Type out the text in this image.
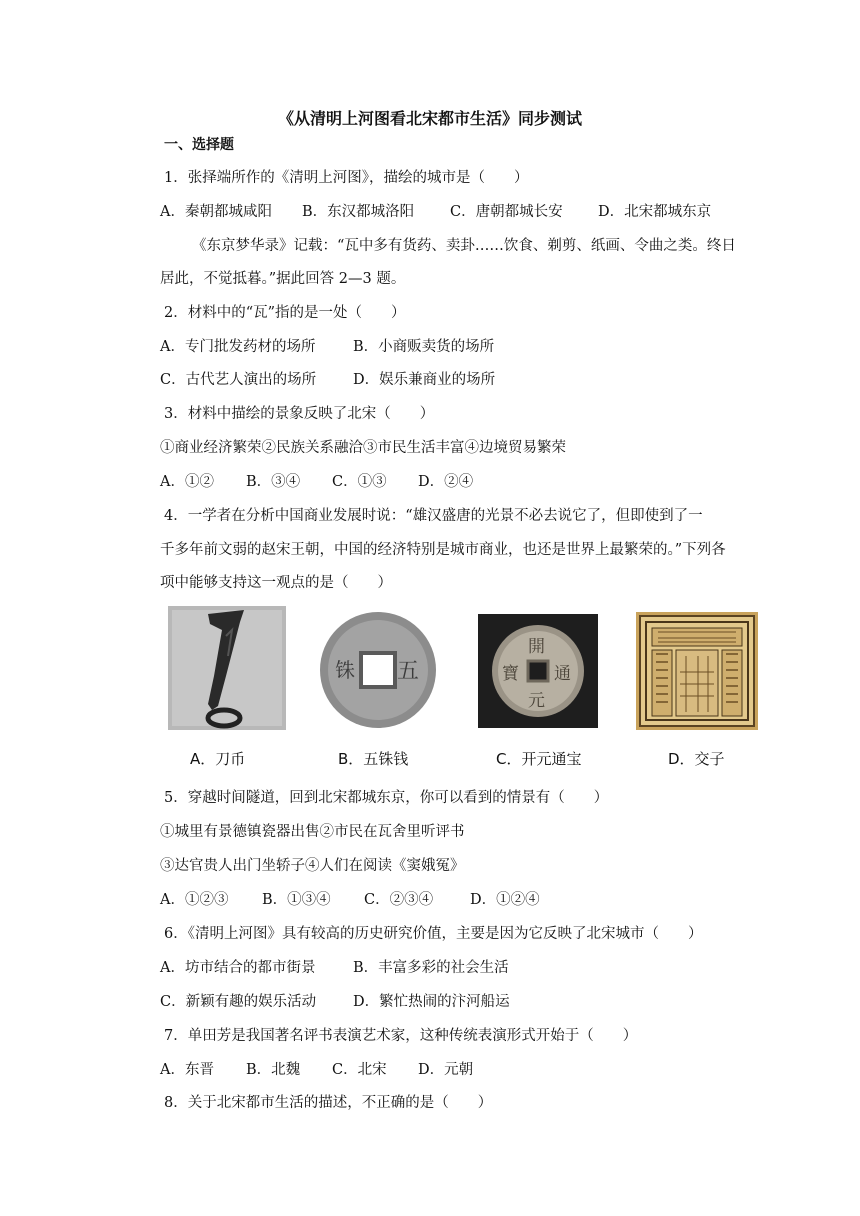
《从清明上河图看北宋都市生活》同步测试
一、选择题
1．张择端所作的《清明上河图》，描绘的城市是（　　）
A．秦朝都城咸阳 B．东汉都城洛阳 C．唐朝都城长安 D．北宋都城东京
《东京梦华录》记载：“瓦中多有货药、卖卦……饮食、剃剪、纸画、令曲之类。终日
居此，不觉抵暮。”据此回答 2—3 题。
2．材料中的“瓦”指的是一处（　　）
A．专门批发药材的场所	B．小商贩卖货的场所
C．古代艺人演出的场所	D．娱乐兼商业的场所
3．材料中描绘的景象反映了北宋（　　）
①商业经济繁荣②民族关系融洽③市民生活丰富④边境贸易繁荣
A．①② B．③④ C．①③ D．②④
4．一学者在分析中国商业发展时说：“雄汉盛唐的光景不必去说它了，但即使到了一
千多年前文弱的赵宋王朝，中国的经济特别是城市商业，也还是世界上最繁荣的。”下列各
项中能够支持这一观点的是（　　）
五
铢
開
元
通
寶
A．刀币	B．五铢钱	C．开元通宝	D．交子
5．穿越时间隧道，回到北宋都城东京，你可以看到的情景有（　　）
①城里有景德镇瓷器出售②市民在瓦舍里听评书
③达官贵人出门坐轿子④人们在阅读《窦娥冤》
A．①②③ B．①③④ C．②③④	D．①②④
6．《清明上河图》具有较高的历史研究价值，主要是因为它反映了北宋城市（　　）
A．坊市结合的都市街景	B．丰富多彩的社会生活
C．新颖有趣的娱乐活动	D．繁忙热闹的汴河船运
7．单田芳是我国著名评书表演艺术家，这种传统表演形式开始于（　　）
A．东晋 B．北魏 C．北宋 D．元朝
8．关于北宋都市生活的描述，不正确的是（　　）
